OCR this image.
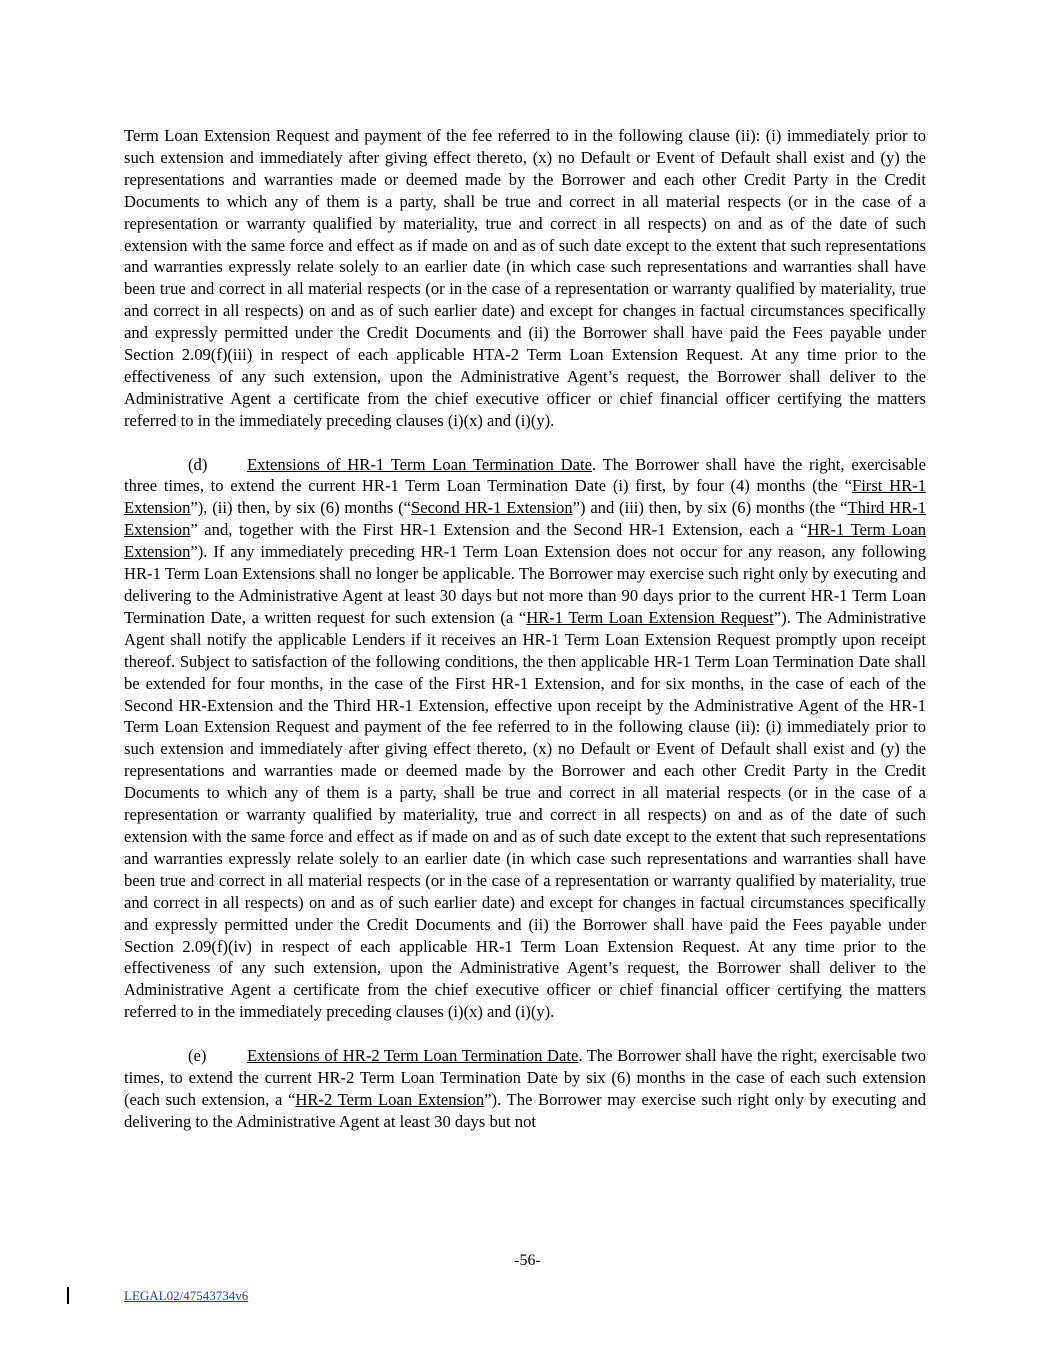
Term Loan Extension Request and payment of the fee referred to in the following clause (ii): (i) immediately prior to such extension and immediately after giving effect thereto, (x) no Default or Event of Default shall exist and (y) the representations and warranties made or deemed made by the Borrower and each other Credit Party in the Credit Documents to which any of them is a party, shall be true and correct in all material respects (or in the case of a representation or warranty qualified by materiality, true and correct in all respects) on and as of the date of such extension with the same force and effect as if made on and as of such date except to the extent that such representations and warranties expressly relate solely to an earlier date (in which case such representations and warranties shall have been true and correct in all material respects (or in the case of a representation or warranty qualified by materiality, true and correct in all respects) on and as of such earlier date) and except for changes in factual circumstances specifically and expressly permitted under the Credit Documents and (ii) the Borrower shall have paid the Fees payable under Section 2.09(f)(iii) in respect of each applicable HTA-2 Term Loan Extension Request. At any time prior to the effectiveness of any such extension, upon the Administrative Agent’s request, the Borrower shall deliver to the Administrative Agent a certificate from the chief executive officer or chief financial officer certifying the matters referred to in the immediately preceding clauses (i)(x) and (i)(y).

(d) Extensions of HR-1 Term Loan Termination Date. The Borrower shall have the right, exercisable three times, to extend the current HR-1 Term Loan Termination Date (i) first, by four (4) months (the “First HR-1 Extension”), (ii) then, by six (6) months (“Second HR-1 Extension”) and (iii) then, by six (6) months (the “Third HR-1 Extension” and, together with the First HR-1 Extension and the Second HR-1 Extension, each a “HR-1 Term Loan Extension”). If any immediately preceding HR-1 Term Loan Extension does not occur for any reason, any following HR-1 Term Loan Extensions shall no longer be applicable. The Borrower may exercise such right only by executing and delivering to the Administrative Agent at least 30 days but not more than 90 days prior to the current HR-1 Term Loan Termination Date, a written request for such extension (a “HR-1 Term Loan Extension Request”). The Administrative Agent shall notify the applicable Lenders if it receives an HR-1 Term Loan Extension Request promptly upon receipt thereof. Subject to satisfaction of the following conditions, the then applicable HR-1 Term Loan Termination Date shall be extended for four months, in the case of the First HR-1 Extension, and for six months, in the case of each of the Second HR-Extension and the Third HR-1 Extension, effective upon receipt by the Administrative Agent of the HR-1 Term Loan Extension Request and payment of the fee referred to in the following clause (ii): (i) immediately prior to such extension and immediately after giving effect thereto, (x) no Default or Event of Default shall exist and (y) the representations and warranties made or deemed made by the Borrower and each other Credit Party in the Credit Documents to which any of them is a party, shall be true and correct in all material respects (or in the case of a representation or warranty qualified by materiality, true and correct in all respects) on and as of the date of such extension with the same force and effect as if made on and as of such date except to the extent that such representations and warranties expressly relate solely to an earlier date (in which case such representations and warranties shall have been true and correct in all material respects (or in the case of a representation or warranty qualified by materiality, true and correct in all respects) on and as of such earlier date) and except for changes in factual circumstances specifically and expressly permitted under the Credit Documents and (ii) the Borrower shall have paid the Fees payable under Section 2.09(f)(iv) in respect of each applicable HR-1 Term Loan Extension Request. At any time prior to the effectiveness of any such extension, upon the Administrative Agent’s request, the Borrower shall deliver to the Administrative Agent a certificate from the chief executive officer or chief financial officer certifying the matters referred to in the immediately preceding clauses (i)(x) and (i)(y).

(e) Extensions of HR-2 Term Loan Termination Date. The Borrower shall have the right, exercisable two times, to extend the current HR-2 Term Loan Termination Date by six (6) months in the case of each such extension (each such extension, a “HR-2 Term Loan Extension”). The Borrower may exercise such right only by executing and delivering to the Administrative Agent at least 30 days but not

-56-
LEGAL02/47543734v6
